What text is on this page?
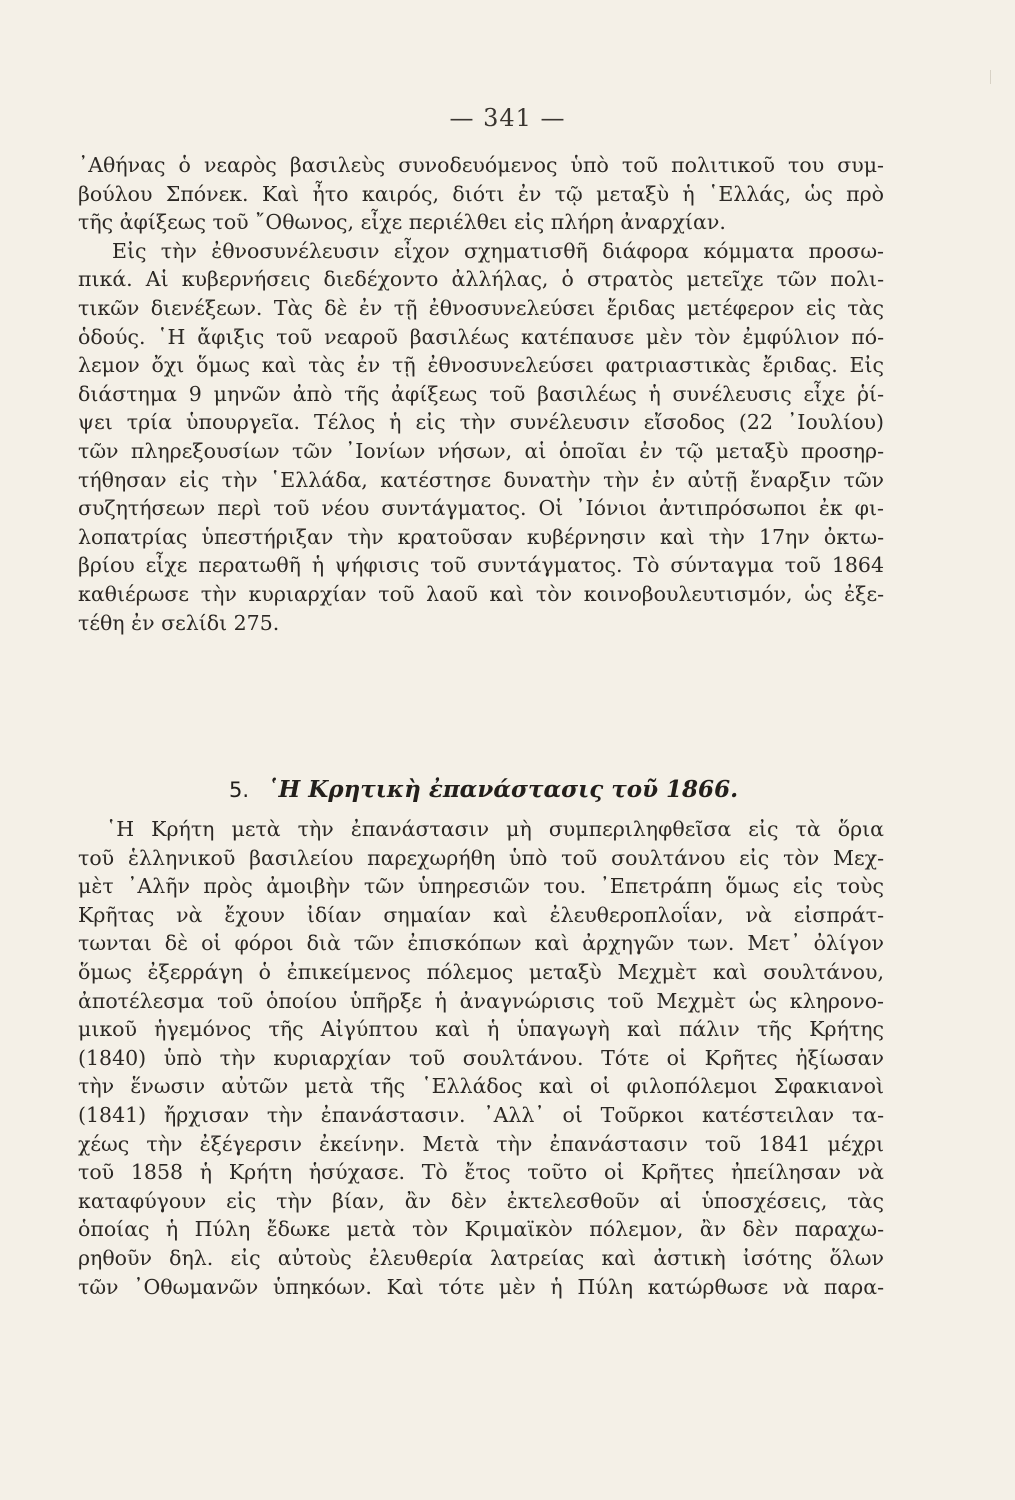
— 341 —
᾿Αθήνας ὁ νεαρὸς βασιλεὺς συνοδευόμενος ὑπὸ τοῦ πολιτικοῦ του συμ-
βούλου Σπόνεκ. Καὶ ἦτο καιρός, διότι ἐν τῷ μεταξὺ ἡ ῾Ελλάς, ὡς πρὸ
τῆς ἀφίξεως τοῦ ῎Οθωνος, εἶχε περιέλθει εἰς πλήρη ἀναρχίαν.
Εἰς τὴν ἐθνοσυνέλευσιν εἶχον σχηματισθῆ διάφορα κόμματα προσω-
πικά. Αἱ κυβερνήσεις διεδέχοντο ἀλλήλας, ὁ στρατὸς μετεῖχε τῶν πολι-
τικῶν διενέξεων. Τὰς δὲ ἐν τῇ ἐθνοσυνελεύσει ἔριδας μετέφερον εἰς τὰς
ὁδούς. ῾Η ἄφιξις τοῦ νεαροῦ βασιλέως κατέπαυσε μὲν τὸν ἐμφύλιον πό-
λεμον ὄχι ὅμως καὶ τὰς ἐν τῇ ἐθνοσυνελεύσει φατριαστικὰς ἔριδας. Εἰς
διάστημα 9 μηνῶν ἀπὸ τῆς ἀφίξεως τοῦ βασιλέως ἡ συνέλευσις εἶχε ῥί-
ψει τρία ὑπουργεῖα. Τέλος ἡ εἰς τὴν συνέλευσιν εἴσοδος (22 ᾿Ιουλίου)
τῶν πληρεξουσίων τῶν ᾿Ιονίων νήσων, αἱ ὁποῖαι ἐν τῷ μεταξὺ προσηρ-
τήθησαν εἰς τὴν ῾Ελλάδα, κατέστησε δυνατὴν τὴν ἐν αὐτῇ ἔναρξιν τῶν
συζητήσεων περὶ τοῦ νέου συντάγματος. Οἱ ᾿Ιόνιοι ἀντιπρόσωποι ἐκ φι-
λοπατρίας ὑπεστήριξαν τὴν κρατοῦσαν κυβέρνησιν καὶ τὴν 17ην ὀκτω-
βρίου εἶχε περατωθῆ ἡ ψήφισις τοῦ συντάγματος. Τὸ σύνταγμα τοῦ 1864
καθιέρωσε τὴν κυριαρχίαν τοῦ λαοῦ καὶ τὸν κοινοβουλευτισμόν, ὡς ἐξε-
τέθη ἐν σελίδι 275.
5. ῾Η Κρητικὴ ἐπανάστασις τοῦ 1866.
῾Η Κρήτη μετὰ τὴν ἐπανάστασιν μὴ συμπεριληφθεῖσα εἰς τὰ ὅρια
τοῦ ἑλληνικοῦ βασιλείου παρεχωρήθη ὑπὸ τοῦ σουλτάνου εἰς τὸν Μεχ-
μὲτ ᾿Αλῆν πρὸς ἀμοιβὴν τῶν ὑπηρεσιῶν του. ᾿Επετράπη ὅμως εἰς τοὺς
Κρῆτας νὰ ἔχουν ἰδίαν σημαίαν καὶ ἐλευθεροπλοΐαν, νὰ εἰσπράτ-
τωνται δὲ οἱ φόροι διὰ τῶν ἐπισκόπων καὶ ἀρχηγῶν των. Μετ᾿ ὀλίγον
ὅμως ἐξερράγη ὁ ἐπικείμενος πόλεμος μεταξὺ Μεχμὲτ καὶ σουλτάνου,
ἀποτέλεσμα τοῦ ὁποίου ὑπῆρξε ἡ ἀναγνώρισις τοῦ Μεχμὲτ ὡς κληρονο-
μικοῦ ἡγεμόνος τῆς Αἰγύπτου καὶ ἡ ὑπαγωγὴ καὶ πάλιν τῆς Κρήτης
(1840) ὑπὸ τὴν κυριαρχίαν τοῦ σουλτάνου. Τότε οἱ Κρῆτες ἠξίωσαν
τὴν ἕνωσιν αὐτῶν μετὰ τῆς ῾Ελλάδος καὶ οἱ φιλοπόλεμοι Σφακιανοὶ
(1841) ἤρχισαν τὴν ἐπανάστασιν. ᾿Αλλ᾿ οἱ Τοῦρκοι κατέστειλαν τα-
χέως τὴν ἐξέγερσιν ἐκείνην. Μετὰ τὴν ἐπανάστασιν τοῦ 1841 μέχρι
τοῦ 1858 ἡ Κρήτη ἡσύχασε. Τὸ ἔτος τοῦτο οἱ Κρῆτες ἠπείλησαν νὰ
καταφύγουν εἰς τὴν βίαν, ἂν δὲν ἐκτελεσθοῦν αἱ ὑποσχέσεις, τὰς
ὁποίας ἡ Πύλη ἔδωκε μετὰ τὸν Κριμαϊκὸν πόλεμον, ἂν δὲν παραχω-
ρηθοῦν δηλ. εἰς αὐτοὺς ἐλευθερία λατρείας καὶ ἀστικὴ ἰσότης ὅλων
τῶν ᾿Οθωμανῶν ὑπηκόων. Καὶ τότε μὲν ἡ Πύλη κατώρθωσε νὰ παρα-
